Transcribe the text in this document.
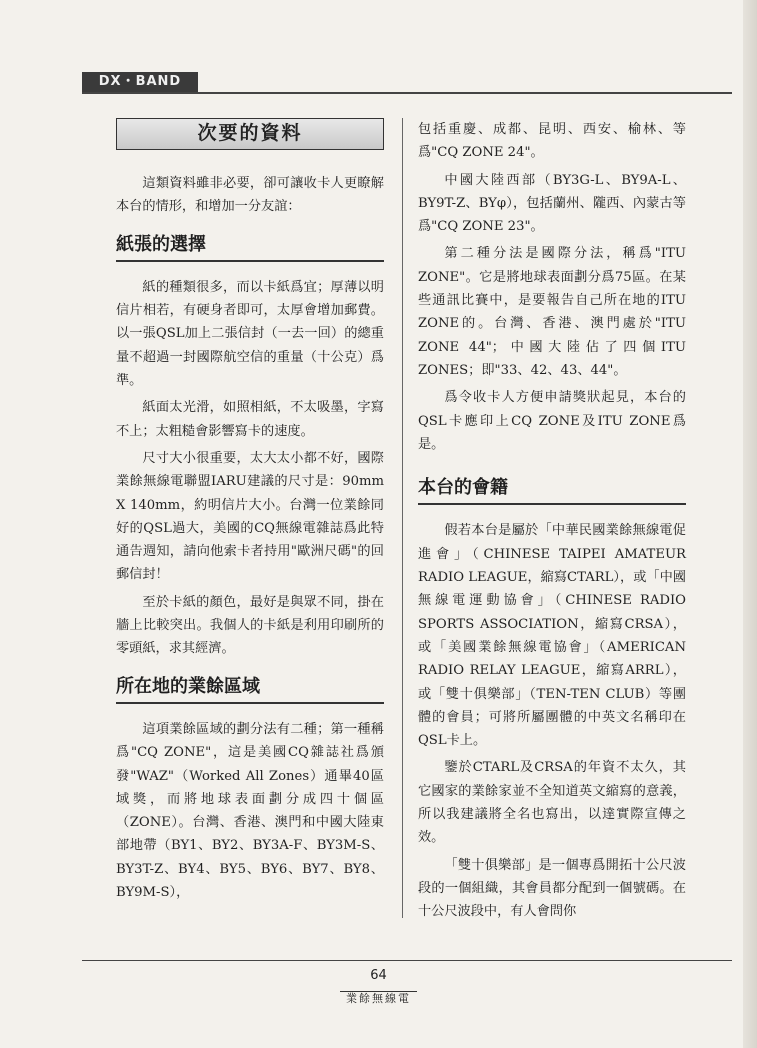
DX・BAND
次要的資料

這類資料雖非必要，卻可讓收卡人更瞭解本台的情形，和增加一分友誼：

紙張的選擇

紙的種類很多，而以卡紙爲宜；厚薄以明信片相若，有硬身者即可，太厚會增加郵費。以一張QSL加上二張信封（一去一回）的總重量不超過一封國際航空信的重量（十公克）爲準。

紙面太光滑，如照相紙，不太吸墨，字寫不上；太粗糙會影響寫卡的速度。

尺寸大小很重要，太大太小都不好，國際業餘無線電聯盟IARU建議的尺寸是：90mm X 140mm，約明信片大小。台灣一位業餘同好的QSL過大，美國的CQ無線電雜誌爲此特通告週知，請向他索卡者持用"歐洲尺碼"的回郵信封！

至於卡紙的顏色，最好是與眾不同，掛在牆上比較突出。我個人的卡紙是利用印刷所的零頭紙，求其經濟。

所在地的業餘區域

這項業餘區域的劃分法有二種；第一種稱爲"CQ ZONE"，這是美國CQ雜誌社爲頒發"WAZ"（Worked All Zones）通畢40區域獎，而將地球表面劃分成四十個區（ZONE）。台灣、香港、澳門和中國大陸東部地帶（BY1、BY2、BY3A-F、BY3M-S、BY3T-Z、BY4、BY5、BY6、BY7、BY8、BY9M-S），

包括重慶、成都、昆明、西安、榆林、等爲"CQ ZONE 24"。

中國大陸西部（BY3G-L、BY9A-L、BY9T-Z、BYφ），包括蘭州、隴西、內蒙古等爲"CQ ZONE 23"。

第二種分法是國際分法，稱爲"ITU ZONE"。它是將地球表面劃分爲75區。在某些通訊比賽中，是要報告自己所在地的ITU ZONE的。台灣、香港、澳門處於"ITU ZONE 44"；中國大陸佔了四個ITU ZONES；即"33、42、43、44"。

爲令收卡人方便申請獎狀起見，本台的QSL卡應印上CQ ZONE及ITU ZONE爲是。

本台的會籍

假若本台是屬於「中華民國業餘無線電促進會」（CHINESE TAIPEI AMATEUR RADIO LEAGUE，縮寫CTARL），或「中國無線電運動協會」（CHINESE RADIO SPORTS ASSOCIATION，縮寫CRSA），或「美國業餘無線電協會」（AMERICAN RADIO RELAY LEAGUE，縮寫ARRL），或「雙十俱樂部」（TEN-TEN CLUB）等團體的會員；可將所屬團體的中英文名稱印在QSL卡上。

鑒於CTARL及CRSA的年資不太久，其它國家的業餘家並不全知道英文縮寫的意義，所以我建議將全名也寫出，以達實際宣傳之效。

「雙十俱樂部」是一個專爲開拓十公尺波段的一個組織，其會員都分配到一個號碼。在十公尺波段中，有人會問你

64
業餘無線電
